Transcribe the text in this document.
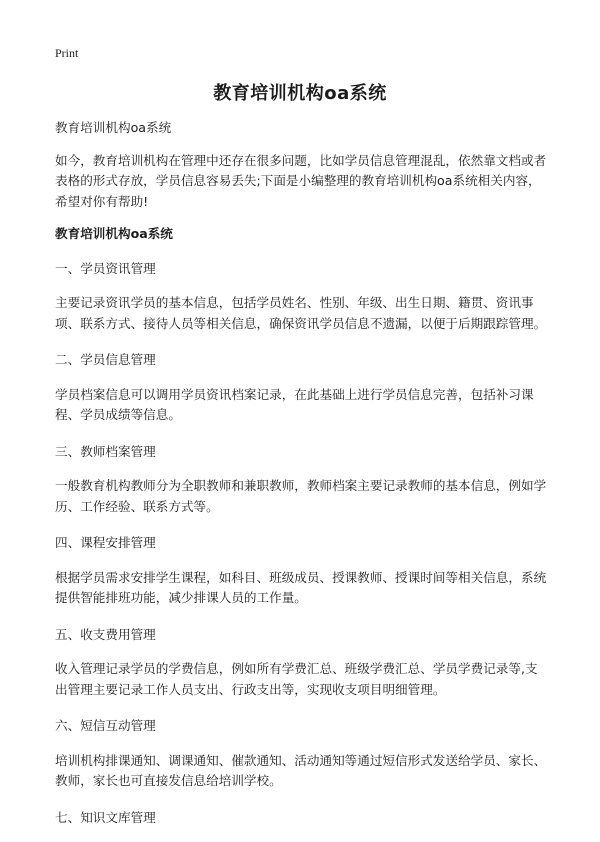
Print
教育培训机构oa系统

教育培训机构oa系统

如今，教育培训机构在管理中还存在很多问题，比如学员信息管理混乱，依然靠文档或者表格的形式存放，学员信息容易丢失;下面是小编整理的教育培训机构oa系统相关内容，希望对你有帮助!

教育培训机构oa系统

一、学员资讯管理

主要记录资讯学员的基本信息，包括学员姓名、性别、年级、出生日期、籍贯、资讯事项、联系方式、接待人员等相关信息，确保资讯学员信息不遗漏，以便于后期跟踪管理。

二、学员信息管理

学员档案信息可以调用学员资讯档案记录，在此基础上进行学员信息完善，包括补习课程、学员成绩等信息。

三、教师档案管理

一般教育机构教师分为全职教师和兼职教师，教师档案主要记录教师的基本信息，例如学历、工作经验、联系方式等。

四、课程安排管理

根据学员需求安排学生课程，如科目、班级成员、授课教师、授课时间等相关信息，系统提供智能排班功能，减少排课人员的工作量。

五、收支费用管理

收入管理记录学员的学费信息，例如所有学费汇总、班级学费汇总、学员学费记录等,支出管理主要记录工作人员支出、行政支出等，实现收支项目明细管理。

六、短信互动管理

培训机构排课通知、调课通知、催款通知、活动通知等通过短信形式发送给学员、家长、教师，家长也可直接发信息给培训学校。

七、知识文库管理
